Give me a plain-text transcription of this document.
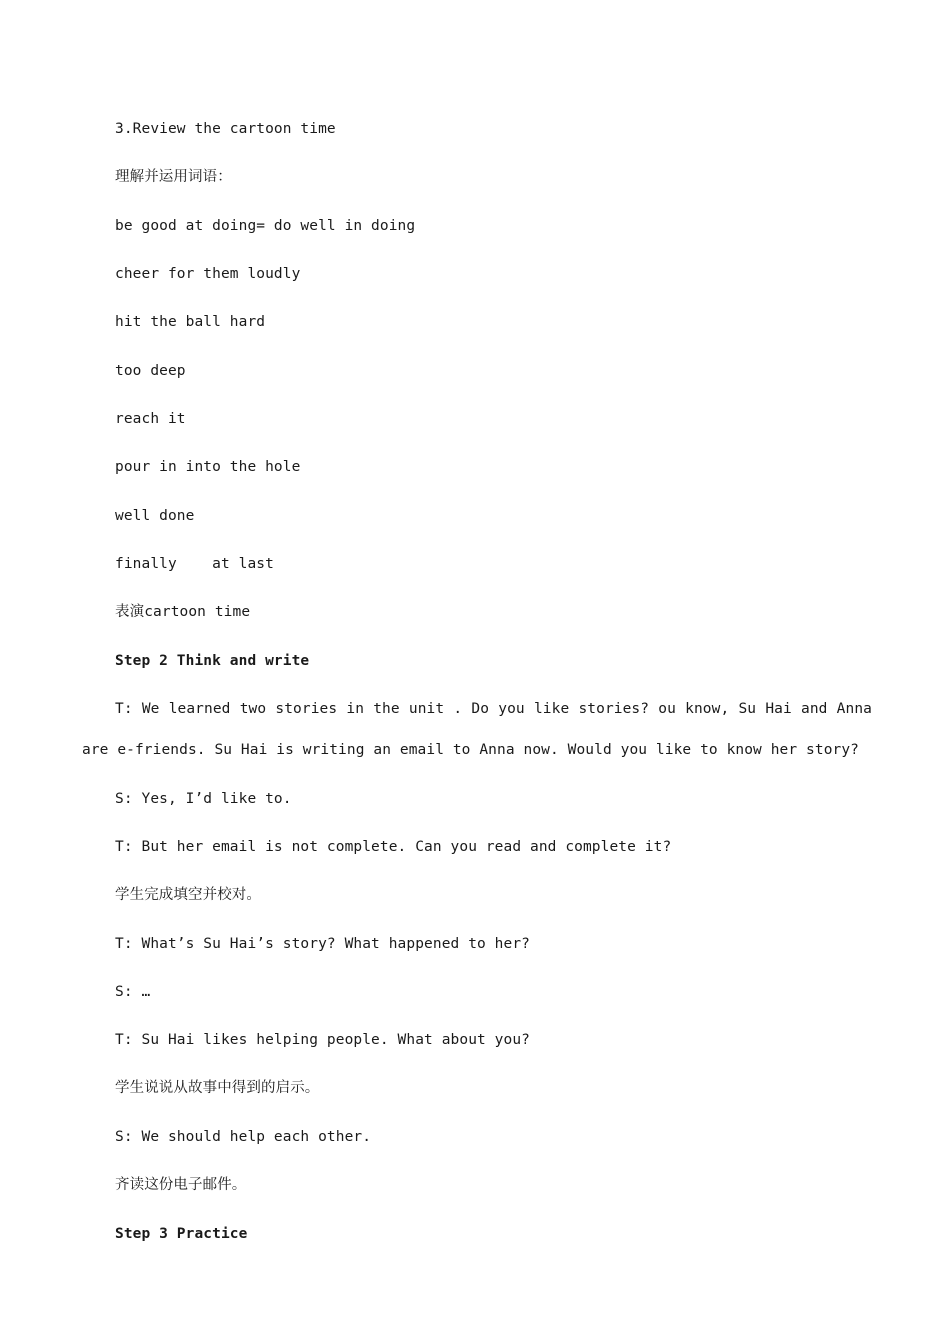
3.Review the cartoon time
理解并运用词语：
be good at doing= do well in doing
cheer for them loudly
hit the ball hard
too deep
reach it
pour in into the hole
well done
finally    at last
表演cartoon time
Step 2 Think and write
T: We learned two stories in the unit . Do you like stories? ou know, Su Hai and Anna are e-friends. Su Hai is writing an email to Anna now. Would you like to know her story?
S: Yes, I’d like to.
T: But her email is not complete. Can you read and complete it?
学生完成填空并校对。
T: What’s Su Hai’s story? What happened to her?
S: …
T: Su Hai likes helping people. What about you?
学生说说从故事中得到的启示。
S: We should help each other.
齐读这份电子邮件。
Step 3 Practice
